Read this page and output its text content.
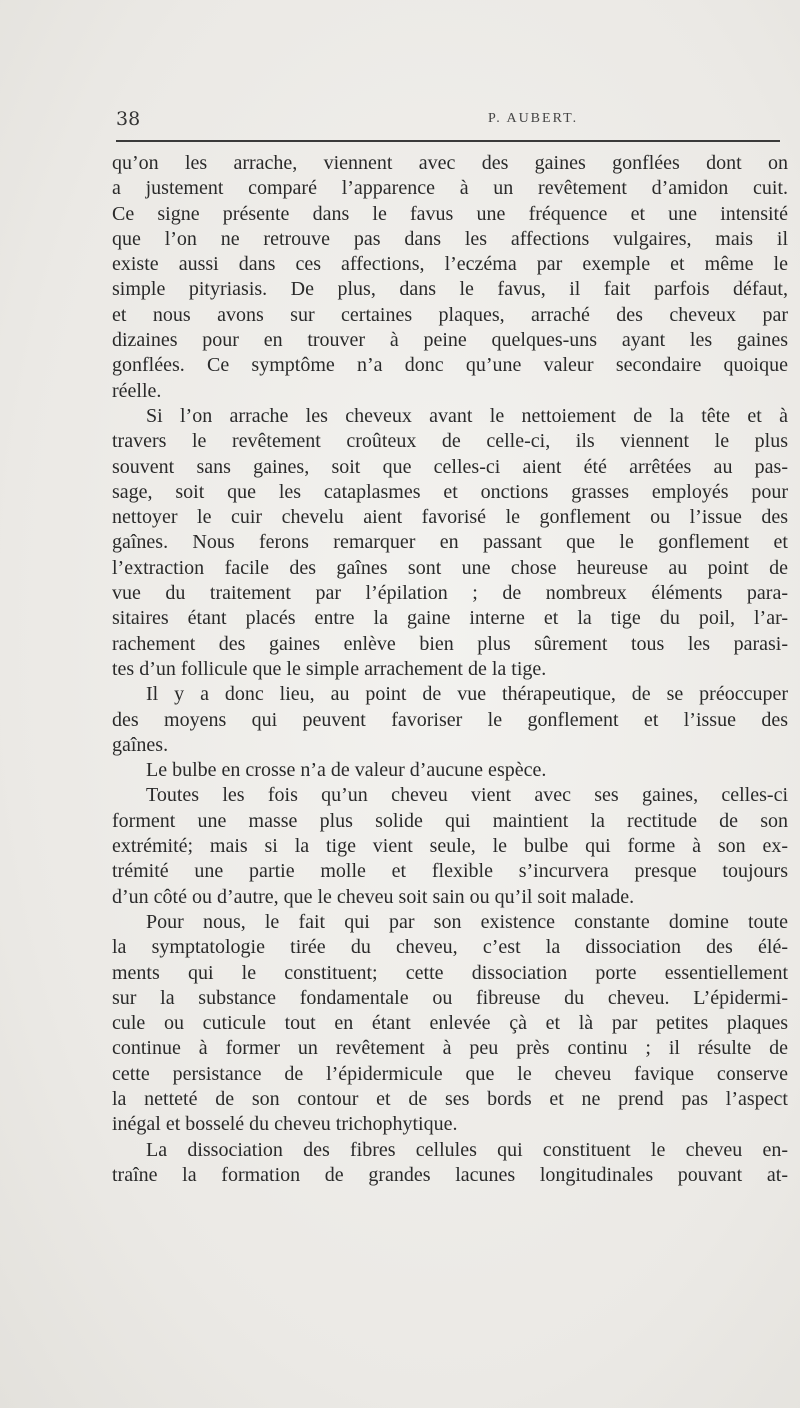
38	P. AUBERT.

qu’on les arrache, viennent avec des gaines gonflées dont on

a justement comparé l’apparence à un revêtement d’amidon cuit.

Ce signe présente dans le favus une fréquence et une intensité

que l’on ne retrouve pas dans les affections vulgaires, mais il

existe aussi dans ces affections, l’eczéma par exemple et même le

simple pityriasis. De plus, dans le favus, il fait parfois défaut,

et nous avons sur certaines plaques, arraché des cheveux par

dizaines pour en trouver à peine quelques-uns ayant les gaines

gonflées. Ce symptôme n’a donc qu’une valeur secondaire quoique

réelle.

Si l’on arrache les cheveux avant le nettoiement de la tête et à

travers le revêtement croûteux de celle-ci, ils viennent le plus

souvent sans gaines, soit que celles-ci aient été arrêtées au pas-

sage, soit que les cataplasmes et onctions grasses employés pour

nettoyer le cuir chevelu aient favorisé le gonflement ou l’issue des

gaînes. Nous ferons remarquer en passant que le gonflement et

l’extraction facile des gaînes sont une chose heureuse au point de

vue du traitement par l’épilation ; de nombreux éléments para-

sitaires étant placés entre la gaine interne et la tige du poil, l’ar-

rachement des gaines enlève bien plus sûrement tous les parasi-

tes d’un follicule que le simple arrachement de la tige.

Il y a donc lieu, au point de vue thérapeutique, de se préoccuper

des moyens qui peuvent favoriser le gonflement et l’issue des

gaînes.

Le bulbe en crosse n’a de valeur d’aucune espèce.

Toutes les fois qu’un cheveu vient avec ses gaines, celles-ci

forment une masse plus solide qui maintient la rectitude de son

extrémité; mais si la tige vient seule, le bulbe qui forme à son ex-

trémité une partie molle et flexible s’incurvera presque toujours

d’un côté ou d’autre, que le cheveu soit sain ou qu’il soit malade.

Pour nous, le fait qui par son existence constante domine toute

la symptatologie tirée du cheveu, c’est la dissociation des élé-

ments qui le constituent; cette dissociation porte essentiellement

sur la substance fondamentale ou fibreuse du cheveu. L’épidermi-

cule ou cuticule tout en étant enlevée çà et là par petites plaques

continue à former un revêtement à peu près continu ; il résulte de

cette persistance de l’épidermicule que le cheveu favique conserve

la netteté de son contour et de ses bords et ne prend pas l’aspect

inégal et bosselé du cheveu trichophytique.

La dissociation des fibres cellules qui constituent le cheveu en-

traîne la formation de grandes lacunes longitudinales pouvant at-
